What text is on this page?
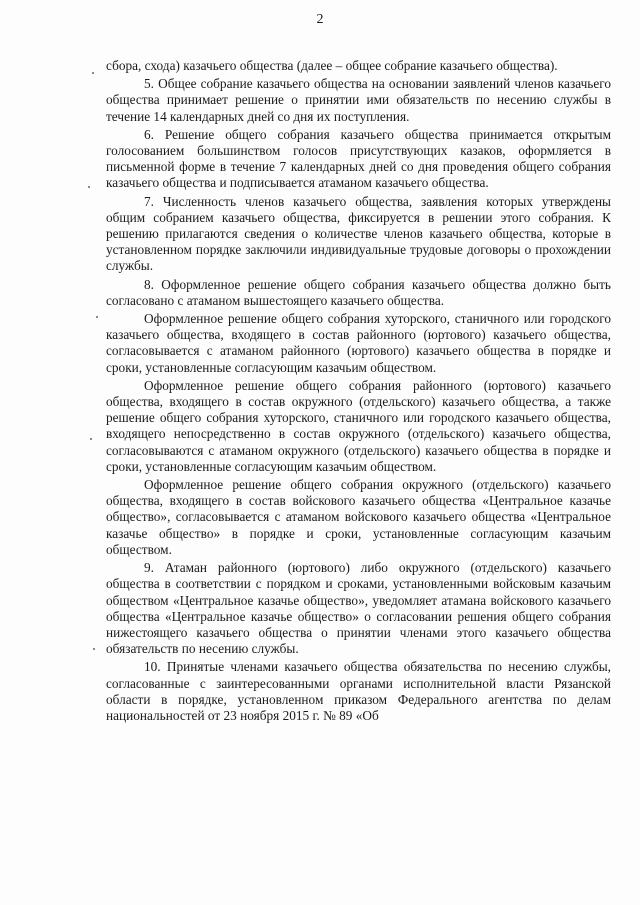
2

сбора, схода) казачьего общества (далее – общее собрание казачьего общества).

5. Общее собрание казачьего общества на основании заявлений членов казачьего общества принимает решение о принятии ими обязательств по несению службы в течение 14 календарных дней со дня их поступления.

6. Решение общего собрания казачьего общества принимается открытым голосованием большинством голосов присутствующих казаков, оформляется в письменной форме в течение 7 календарных дней со дня проведения общего собрания казачьего общества и подписывается атаманом казачьего общества.

7. Численность членов казачьего общества, заявления которых утверждены общим собранием казачьего общества, фиксируется в решении этого собрания. К решению прилагаются сведения о количестве членов казачьего общества, которые в установленном порядке заключили индивидуальные трудовые договоры о прохождении службы.

8. Оформленное решение общего собрания казачьего общества должно быть согласовано с атаманом вышестоящего казачьего общества.

Оформленное решение общего собрания хуторского, станичного или городского казачьего общества, входящего в состав районного (юртового) казачьего общества, согласовывается с атаманом районного (юртового) казачьего общества в порядке и сроки, установленные согласующим казачьим обществом.

Оформленное решение общего собрания районного (юртового) казачьего общества, входящего в состав окружного (отдельского) казачьего общества, а также решение общего собрания хуторского, станичного или городского казачьего общества, входящего непосредственно в состав окружного (отдельского) казачьего общества, согласовываются с атаманом окружного (отдельского) казачьего общества в порядке и сроки, установленные согласующим казачьим обществом.

Оформленное решение общего собрания окружного (отдельского) казачьего общества, входящего в состав войскового казачьего общества «Центральное казачье общество», согласовывается с атаманом войскового казачьего общества «Центральное казачье общество» в порядке и сроки, установленные согласующим казачьим обществом.

9. Атаман районного (юртового) либо окружного (отдельского) казачьего общества в соответствии с порядком и сроками, установленными войсковым казачьим обществом «Центральное казачье общество», уведомляет атамана войскового казачьего общества «Центральное казачье общество» о согласовании решения общего собрания нижестоящего казачьего общества о принятии членами этого казачьего общества обязательств по несению службы.

10. Принятые членами казачьего общества обязательства по несению службы, согласованные с заинтересованными органами исполнительной власти Рязанской области в порядке, установленном приказом Федерального агентства по делам национальностей от 23 ноября 2015 г. № 89 «Об
